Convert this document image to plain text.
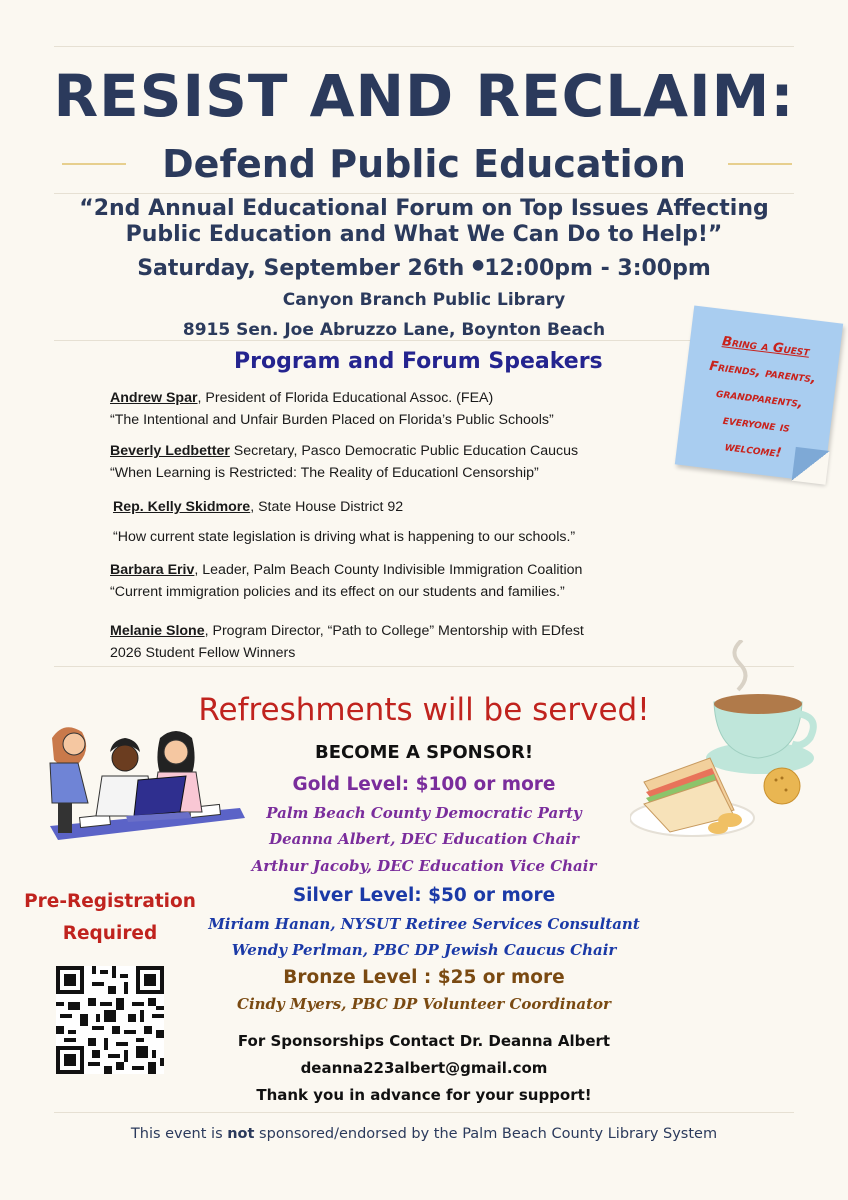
RESIST AND RECLAIM:
Defend Public Education
“2nd Annual Educational Forum on Top Issues Affecting
Public Education and What We Can Do to Help!”
Saturday, September 26th ●12:00pm - 3:00pm
Canyon Branch Public Library
8915 Sen. Joe Abruzzo Lane, Boynton Beach
Program and Forum Speakers
Andrew Spar, President of Florida Educational Assoc. (FEA)
“The Intentional and Unfair Burden Placed on Florida’s Public Schools”
Beverly Ledbetter Secretary, Pasco Democratic Public Education Caucus
“When Learning is Restricted: The Reality of Educationl Censorship”
Rep. Kelly Skidmore, State House District 92
“How current state legislation is driving what is happening to our schools.”
Barbara Eriv, Leader, Palm Beach County Indivisible Immigration Coalition
“Current immigration policies and its effect on our students and families.”
Melanie Slone, Program Director, “Path to College” Mentorship with EDfest
2026 Student Fellow Winners
Bring a Guest
Friends, parents,
grandparents,
everyone is
welcome!
Refreshments will be served!
BECOME A SPONSOR!
Gold Level: $100 or more
Palm Beach County Democratic Party
Deanna Albert, DEC Education Chair
Arthur Jacoby, DEC Education Vice Chair
Silver Level: $50 or more
Miriam Hanan, NYSUT Retiree Services Consultant
Wendy Perlman, PBC DP Jewish Caucus Chair
Bronze Level : $25 or more
Cindy Myers, PBC DP Volunteer Coordinator
For Sponsorships Contact Dr. Deanna Albert
deanna223albert@gmail.com
Thank you in advance for your support!
Pre-Registration
Required
This event is not sponsored/endorsed by the Palm Beach County Library System
